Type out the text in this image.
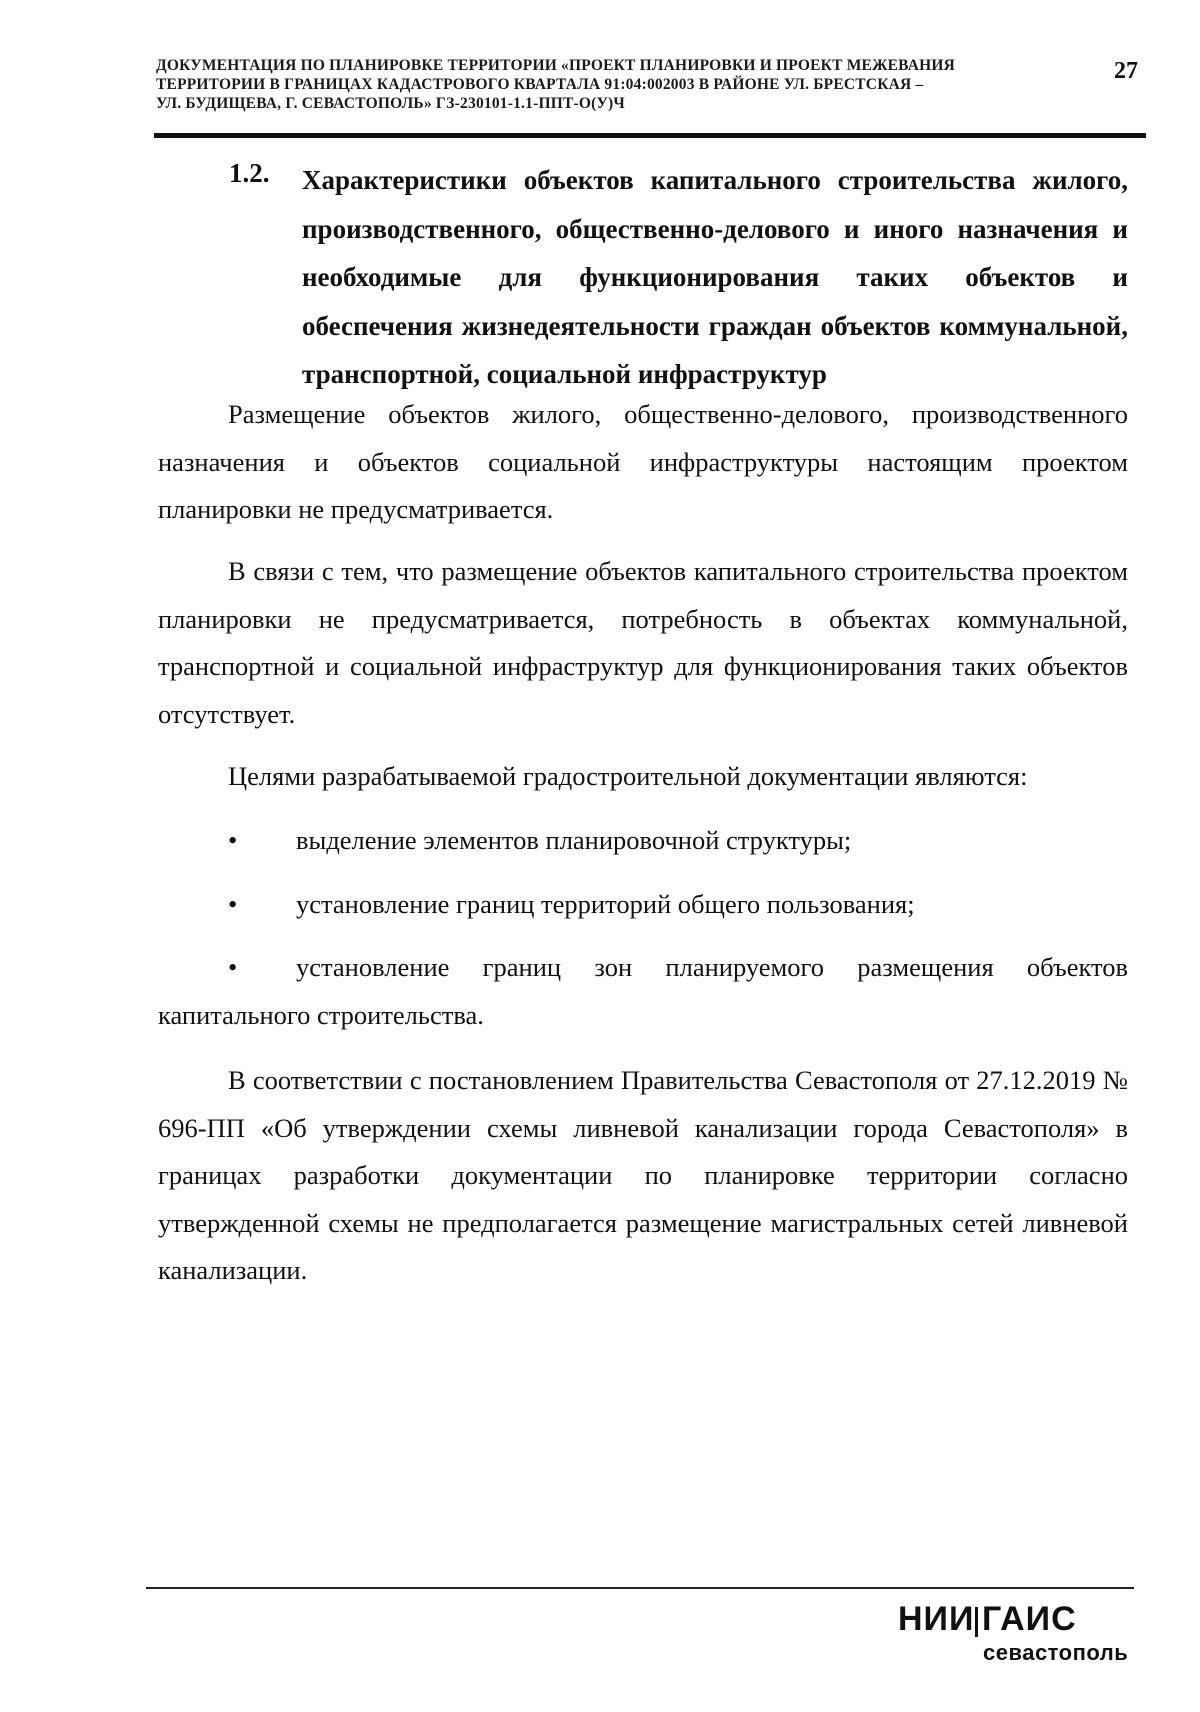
ДОКУМЕНТАЦИЯ ПО ПЛАНИРОВКЕ ТЕРРИТОРИИ «ПРОЕКТ ПЛАНИРОВКИ И ПРОЕКТ МЕЖЕВАНИЯ
ТЕРРИТОРИИ В ГРАНИЦАХ КАДАСТРОВОГО КВАРТАЛА 91:04:002003 В РАЙОНЕ УЛ. БРЕСТСКАЯ –
УЛ. БУДИЩЕВА, Г. СЕВАСТОПОЛЬ» ГЗ-230101-1.1-ППТ-О(У)Ч
27
1.2. Характеристики объектов капитального строительства жилого, производственного, общественно-делового и иного назначения и необходимые для функционирования таких объектов и обеспечения жизнедеятельности граждан объектов коммунальной, транспортной, социальной инфраструктур
Размещение объектов жилого, общественно-делового, производственного назначения и объектов социальной инфраструктуры настоящим проектом планировки не предусматривается.
В связи с тем, что размещение объектов капитального строительства проектом планировки не предусматривается, потребность в объектах коммунальной, транспортной и социальной инфраструктур для функционирования таких объектов отсутствует.
Целями разрабатываемой градостроительной документации являются:
•	выделение элементов планировочной структуры;
•	установление границ территорий общего пользования;
•	установление границ зон планируемого размещения объектов капитального строительства.
В соответствии с постановлением Правительства Севастополя от 27.12.2019 № 696-ПП «Об утверждении схемы ливневой канализации города Севастополя» в границах разработки документации по планировке территории согласно утвержденной схемы не предполагается размещение магистральных сетей ливневой канализации.
НИИ ГАИС
севастополь
